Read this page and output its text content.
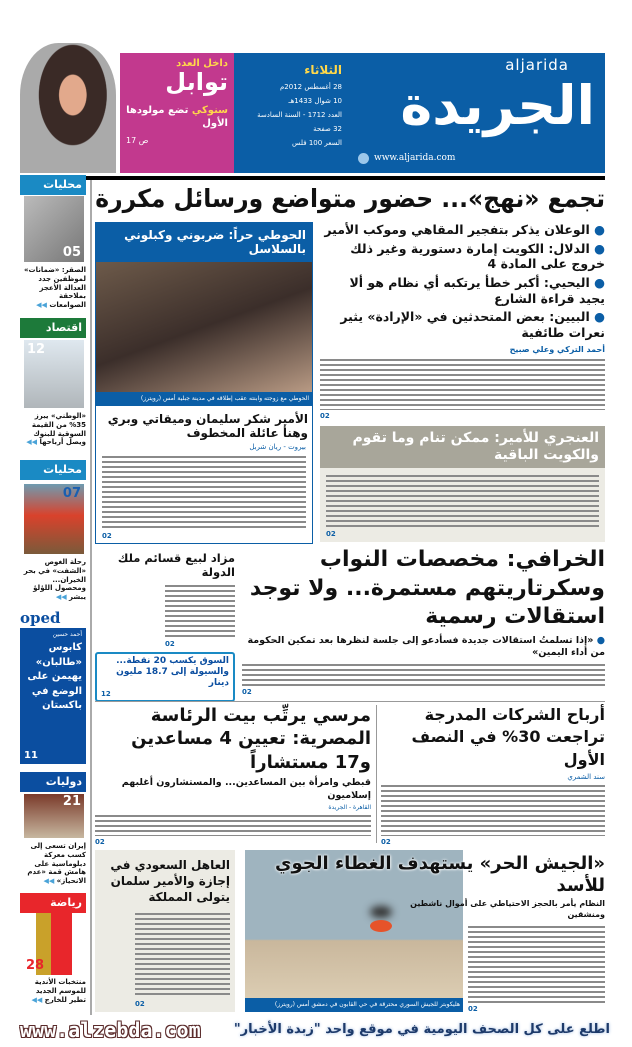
داخل العدد
توابل
سنوكي تضع مولودها الأول
ص 17
الثلاثاء
28 أغسطس 2012م
10 شوال 1433هـ
العدد 1712 - السنة السادسة
32 صفحة
السعر 100 فلس
aljarida
الجريدة
www.aljarida.com
تجمع «نهج»... حضور متواضع ورسائل مكررة
● الوعلان يذكر بتفجير المقاهي وموكب الأمير
● الدلال: الكويت إمارة دستورية وغير ذلك خروج على المادة 4
● اليحيي: أكبر خطأ يرتكبه أي نظام هو ألا يجيد قراءة الشارع
● البيين: بعض المتحدثين في «الإرادة» يثير نعرات طائفية
أحمد التركي وعلي صبيح
02
الحوطي حراً: ضربوني وكبلوني بالسلاسل
الحوطي مع زوجته وابنته عقب إطلاقه في مدينة جبلية أمس (رويترز)
الأمير شكر سليمان وميقاتي وبري وهنأ عائلة المخطوف
بيروت - ريان شربل
02
العنجري للأمير: ممكن تنام وما تقوم والكويت الباقية
02
الخرافي: مخصصات النواب وسكرتاريتهم مستمرة... ولا توجد استقالات رسمية
● «إذا تسلمتُ استقالات جديدة فسأدعو إلى جلسة لنظرها بعد تمكين الحكومة من أداء اليمين»
02
مزاد لبيع قسائم ملك الدولة
02
السوق يكسب 20 نقطة... والسيولة إلى 18.7 مليون دينار
12
مرسي يرتِّب بيت الرئاسة المصرية: تعيين 4 مساعدين و17 مستشاراً
قبطي وامرأة بين المساعدين... والمستشارون أغلبهم إسلاميون
القاهرة - الجريدة
02
أرباح الشركات المدرجة تراجعت 30% في النصف الأول
سند الشمري
02
العاهل السعودي في إجازة والأمير سلمان يتولى المملكة
02	هليكوبتر للجيش السوري محترقة في حي القابون في دمشق أمس (رويترز)
«الجيش الحر» يستهدف الغطاء الجوي للأسد
النظام يأمر بالحجز الاحتياطي على أموال ناشطين ومنشقين
02
محليات
05
الصقر: «ضمانات» لموظفين جدد العدالة الأعجز بملاحقة الصوامعات ◀◀
اقتصاد
12
«الوطني» يبرز 35% من القيمة السوقية للبنوك ويصل أرباحها ◀◀
محليات
07
رحلة الغوص «الشفت» في بحر الخيران... ومحصول اللؤلؤ يبشر ◀◀
oped
أحمد حسين
كابوس «طالبان» يهيمن على الوضع في باكستان
11
دوليات
21
إيران تسعى إلى كسب معركة دبلوماسية على هامش قمة «عدم الانحياز» ◀◀
رياضة
28
منتخبات الأندية للموسم الجديد تطير للخارج ◀◀
www.alzebda.com	اطلع على كل الصحف اليومية في موقع واحد "زبدة الأخبار"
